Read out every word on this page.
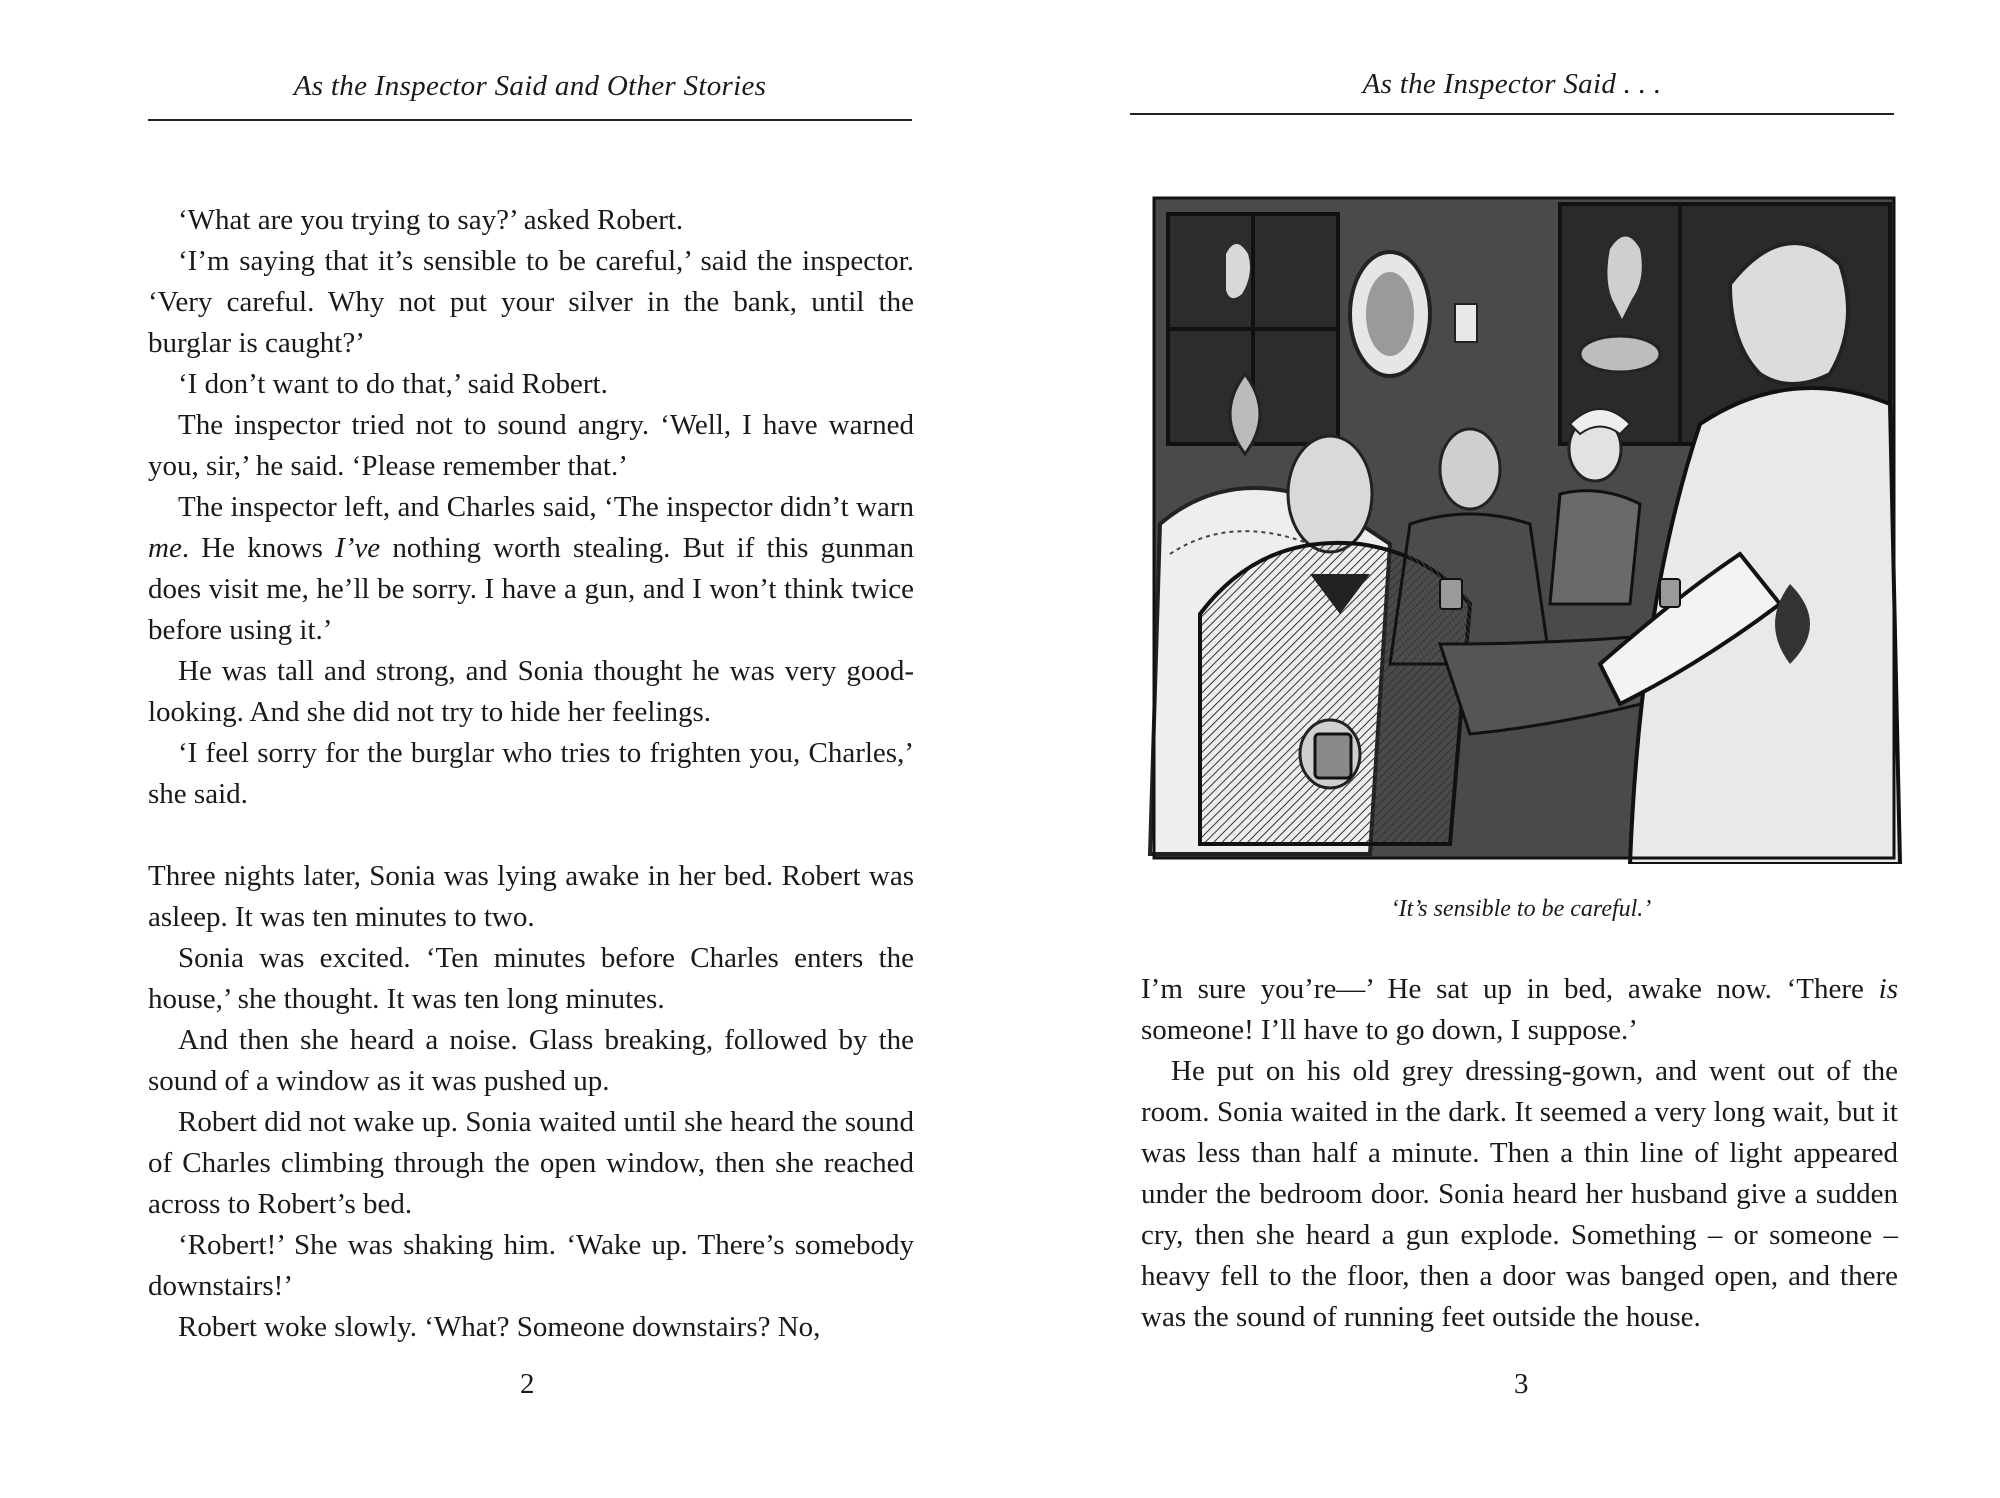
As the Inspector Said and Other Stories

‘What are you trying to say?’ asked Robert.

‘I’m saying that it’s sensible to be careful,’ said the inspector. ‘Very careful. Why not put your silver in the bank, until the burglar is caught?’

‘I don’t want to do that,’ said Robert.

The inspector tried not to sound angry. ‘Well, I have warned you, sir,’ he said. ‘Please remember that.’

The inspector left, and Charles said, ‘The inspector didn’t warn me. He knows I’ve nothing worth stealing. But if this gunman does visit me, he’ll be sorry. I have a gun, and I won’t think twice before using it.’

He was tall and strong, and Sonia thought he was very good-looking. And she did not try to hide her feelings.

‘I feel sorry for the burglar who tries to frighten you, Charles,’ she said.

Three nights later, Sonia was lying awake in her bed. Robert was asleep. It was ten minutes to two.

Sonia was excited. ‘Ten minutes before Charles enters the house,’ she thought. It was ten long minutes.

And then she heard a noise. Glass breaking, followed by the sound of a window as it was pushed up.

Robert did not wake up. Sonia waited until she heard the sound of Charles climbing through the open window, then she reached across to Robert’s bed.

‘Robert!’ She was shaking him. ‘Wake up. There’s somebody downstairs!’

Robert woke slowly. ‘What? Someone downstairs? No,

2
As the Inspector Said . . .
‘It’s sensible to be careful.’

I’m sure you’re—’ He sat up in bed, awake now. ‘There is someone! I’ll have to go down, I suppose.’

He put on his old grey dressing-gown, and went out of the room. Sonia waited in the dark. It seemed a very long wait, but it was less than half a minute. Then a thin line of light appeared under the bedroom door. Sonia heard her husband give a sudden cry, then she heard a gun explode. Something – or someone – heavy fell to the floor, then a door was banged open, and there was the sound of running feet outside the house.

3
